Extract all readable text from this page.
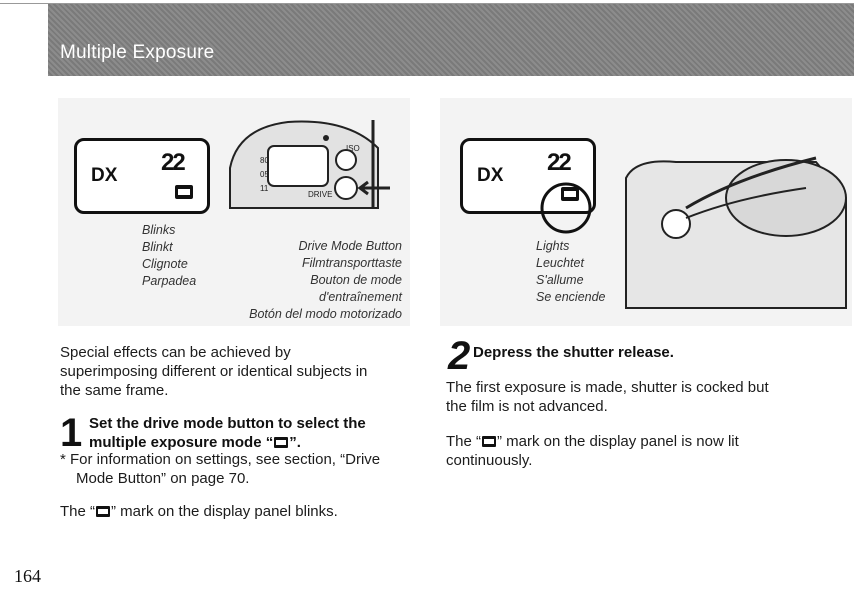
Multiple Exposure
DX 22
ISO
DRIVE
80
05
11
Blinks
Blinkt
Clignote
Parpadea
Drive Mode Button
Filmtransporttaste
Bouton de mode
d'entraînement
Botón del modo motorizado
DX 22
Lights
Leuchtet
S'allume
Se enciende
Special effects can be achieved by
superimposing different or identical subjects in
the same frame.
1 Set the drive mode button to select the
multiple exposure mode “ ”.
* For information on settings, see section, “Drive
Mode Button” on page 70.
The “ ” mark on the display panel blinks.
2 Depress the shutter release.
The first exposure is made, shutter is cocked but
the film is not advanced.
The “ ” mark on the display panel is now lit
continuously.
164
